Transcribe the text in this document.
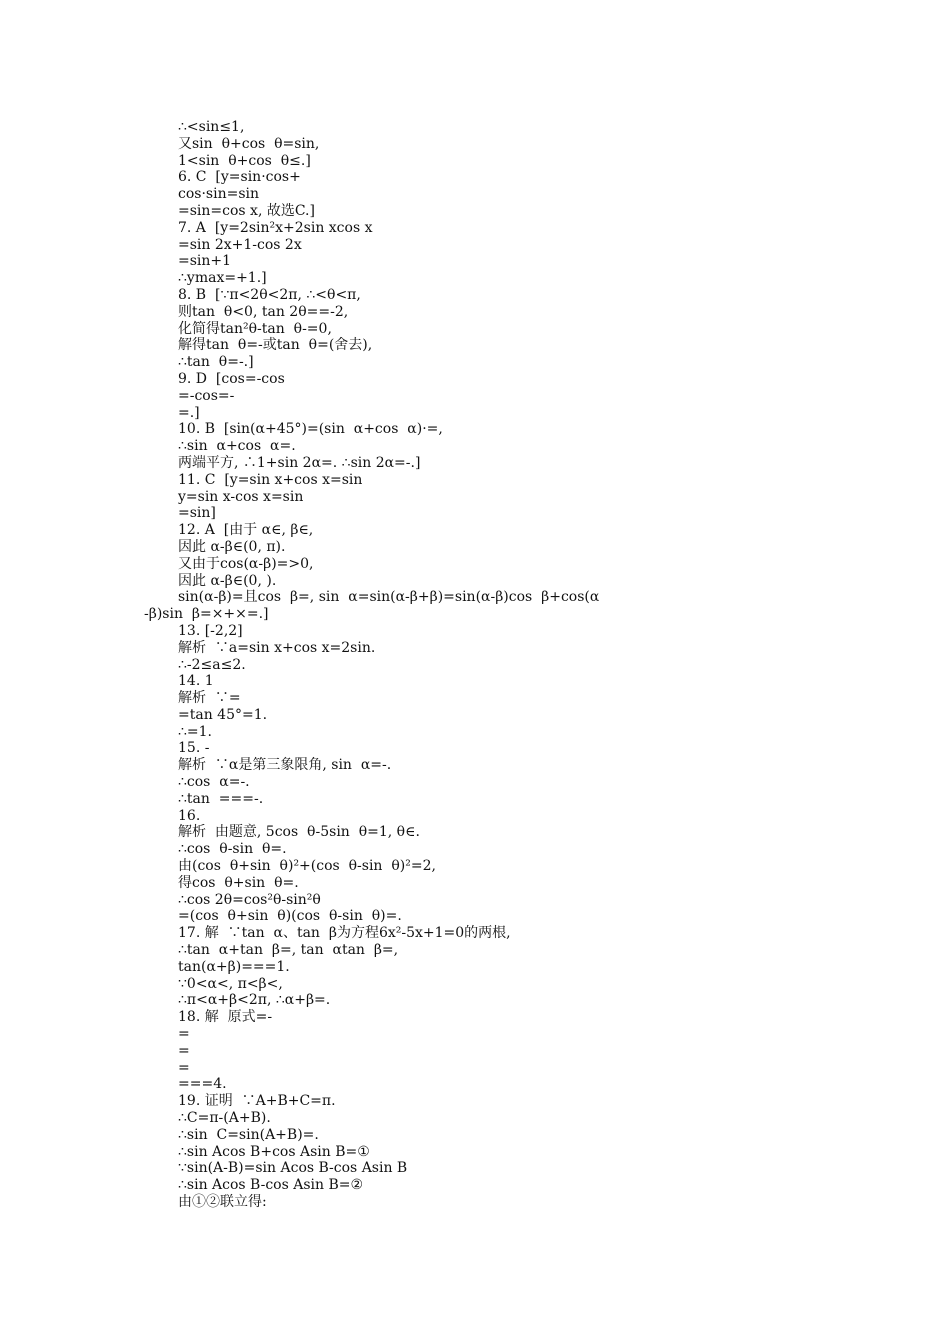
∴<sin≤1,
又sin  θ+cos  θ=sin,
1<sin  θ+cos  θ≤.]
6. C  [y=sin·cos+
cos·sin=sin
=sin=cos x, 故选C.]
7. A  [y=2sin²x+2sin xcos x
=sin 2x+1-cos 2x
=sin+1
∴ymax=+1.]
8. B  [∵π<2θ<2π, ∴<θ<π,
则tan  θ<0, tan 2θ==-2,
化简得tan²θ-tan  θ-=0,
解得tan  θ=-或tan  θ=(舍去),
∴tan  θ=-.]
9. D  [cos=-cos
=-cos=-
=.]
10. B  [sin(α+45°)=(sin  α+cos  α)·=,
∴sin  α+cos  α=.
两端平方, ∴1+sin 2α=. ∴sin 2α=-.]
11. C  [y=sin x+cos x=sin
y=sin x-cos x=sin
=sin]
12. A  [由于 α∈, β∈,
因此 α-β∈(0, π).
又由于cos(α-β)=>0,
因此 α-β∈(0, ).
sin(α-β)=且cos  β=, sin  α=sin(α-β+β)=sin(α-β)cos  β+cos(α
-β)sin  β=×+×=.]
13. [-2,2]
解析  ∵a=sin x+cos x=2sin.
∴-2≤a≤2.
14. 1
解析  ∵=
=tan 45°=1.
∴=1.
15. -
解析  ∵α是第三象限角, sin  α=-.
∴cos  α=-.
∴tan  ===-.
16.
解析  由题意, 5cos  θ-5sin  θ=1, θ∈.
∴cos  θ-sin  θ=.
由(cos  θ+sin  θ)²+(cos  θ-sin  θ)²=2,
得cos  θ+sin  θ=.
∴cos 2θ=cos²θ-sin²θ
=(cos  θ+sin  θ)(cos  θ-sin  θ)=.
17. 解  ∵tan  α、tan  β为方程6x²-5x+1=0的两根,
∴tan  α+tan  β=, tan  αtan  β=,
tan(α+β)===1.
∵0<α<, π<β<,
∴π<α+β<2π, ∴α+β=.
18. 解  原式=-
=
=
=
===4.
19. 证明  ∵A+B+C=π.
∴C=π-(A+B).
∴sin  C=sin(A+B)=.
∴sin Acos B+cos Asin B=①
∵sin(A-B)=sin Acos B-cos Asin B
∴sin Acos B-cos Asin B=②
由①②联立得:
